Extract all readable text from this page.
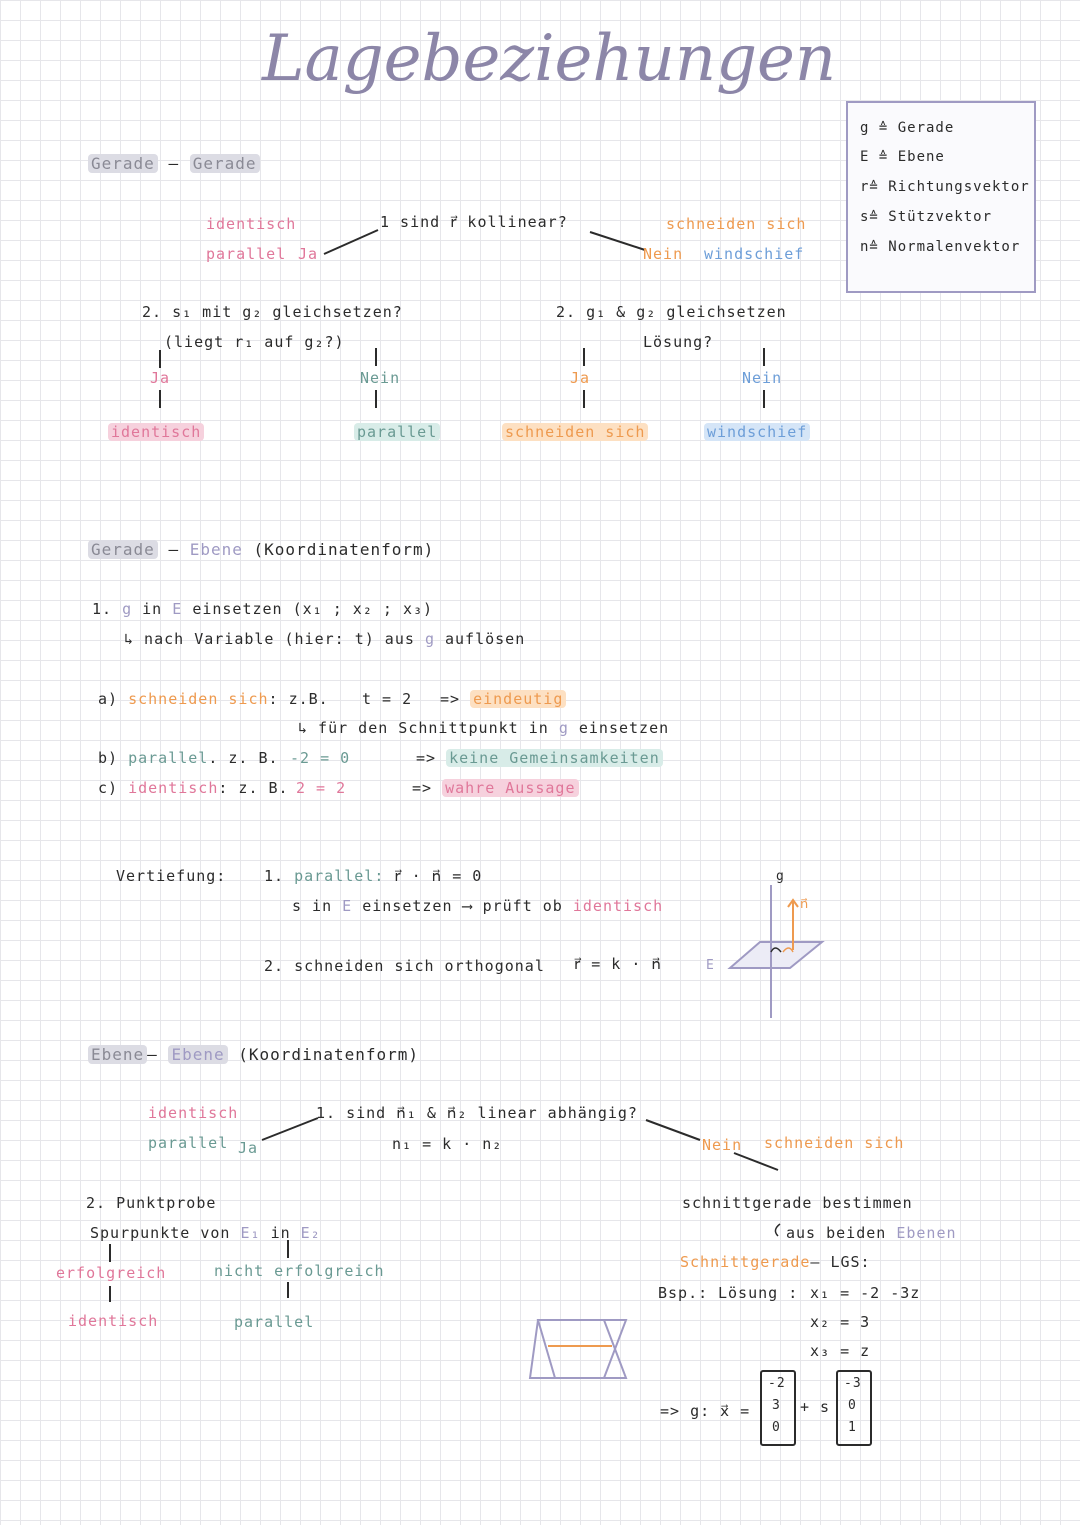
Lagebeziehungen
g ≙ Gerade
E ≙ Ebene
r≙ Richtungsvektor
s≙ Stützvektor
n≙ Normalenvektor
Gerade – Gerade
identisch
parallel Ja
1 sind r⃗ kollinear?	schneiden sich
Nein windschief
2. s₁ mit g₂ gleichsetzen?
(liegt r₁ auf g₂?)
2. g₁ & g₂ gleichsetzen
Lösung?
Ja	Nein	Ja	Nein
identisch	parallel	schneiden sich	windschief
Gerade – Ebene (Koordinatenform)
1. g in E einsetzen (x₁ ; x₂ ; x₃)
↳ nach Variable (hier: t) aus g auflösen
a) schneiden sich: z.B. t = 2 => eindeutig
↳ für den Schnittpunkt in g einsetzen
b) parallel. z. B. -2 = 0	=> keine Gemeinsamkeiten
c) identisch: z. B. 2 = 2	=> wahre Aussage
Vertiefung:	1. parallel: r⃗ · n⃗ = 0
s in E einsetzen ⟶ prüft ob identisch
2. schneiden sich orthogonal r⃗ = k · n⃗
g
n⃗
E
Ebene – Ebene (Koordinatenform)
identisch
parallel Ja
1. sind n⃗₁ & n⃗₂ linear abhängig?
n₁ = k · n₂	Nein schneiden sich
2. Punktprobe
Spurpunkte von E₁ in E₂
erfolgreich	nicht erfolgreich
identisch	parallel
schnittgerade bestimmen
aus beiden Ebenen
Schnittgerade– LGS:
Bsp.: Lösung : x₁ = -2 -3z
x₂ = 3
x₃ = z
=> g: x⃗ =
-2
3
0
+ s
-3
0
1
